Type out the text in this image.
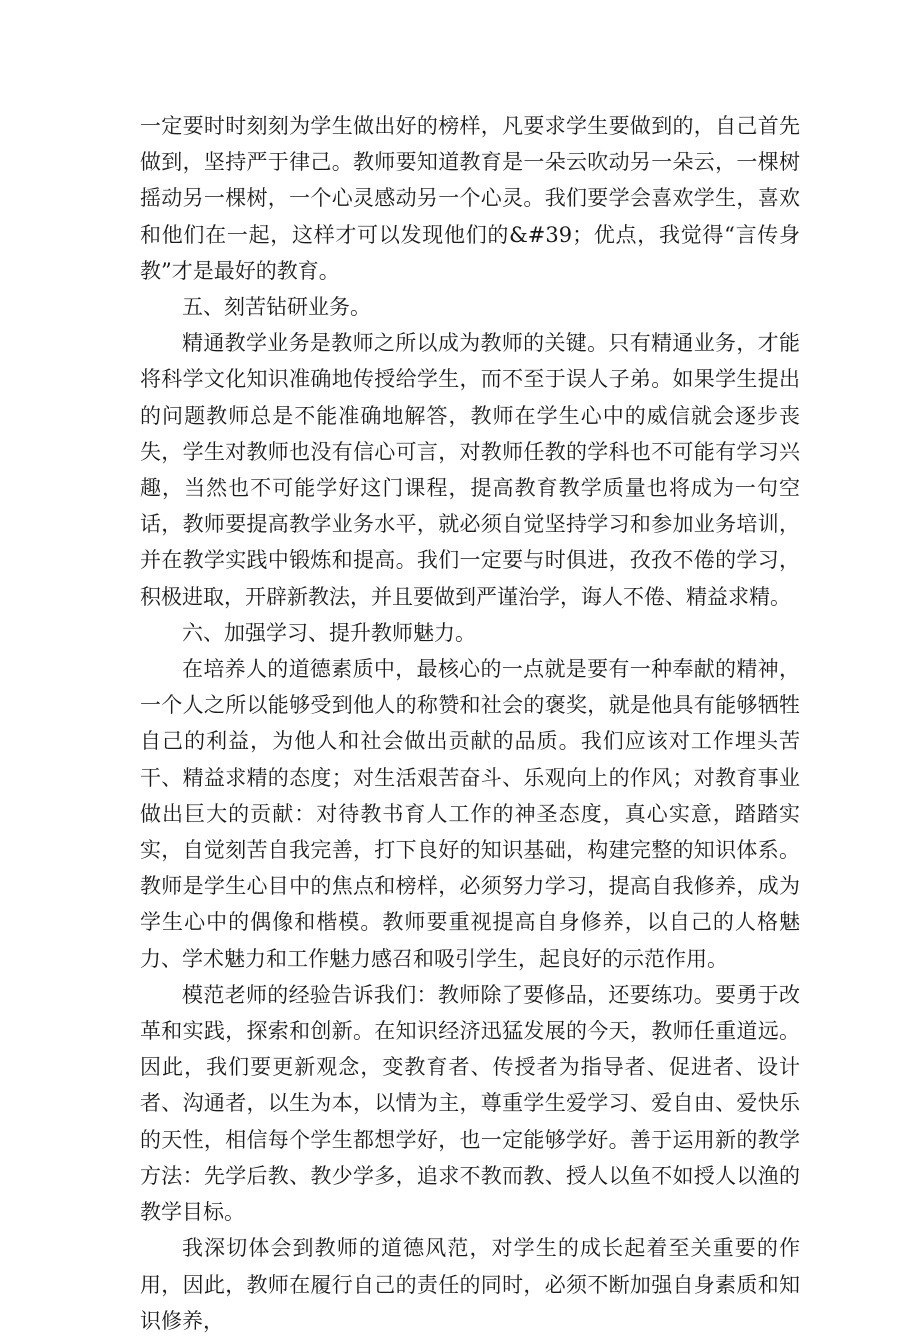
一定要时时刻刻为学生做出好的榜样，凡要求学生要做到的，自己首先做到，坚持严于律己。教师要知道教育是一朵云吹动另一朵云，一棵树摇动另一棵树，一个心灵感动另一个心灵。我们要学会喜欢学生，喜欢和他们在一起，这样才可以发现他们的&#39；优点，我觉得“言传身教”才是最好的教育。

五、刻苦钻研业务。

精通教学业务是教师之所以成为教师的关键。只有精通业务，才能将科学文化知识准确地传授给学生，而不至于误人子弟。如果学生提出的问题教师总是不能准确地解答，教师在学生心中的威信就会逐步丧失，学生对教师也没有信心可言，对教师任教的学科也不可能有学习兴趣，当然也不可能学好这门课程，提高教育教学质量也将成为一句空话，教师要提高教学业务水平，就必须自觉坚持学习和参加业务培训，并在教学实践中锻炼和提高。我们一定要与时俱进，孜孜不倦的学习，积极进取，开辟新教法，并且要做到严谨治学，诲人不倦、精益求精。

六、加强学习、提升教师魅力。

在培养人的道德素质中，最核心的一点就是要有一种奉献的精神，一个人之所以能够受到他人的称赞和社会的褒奖，就是他具有能够牺牲自己的利益，为他人和社会做出贡献的品质。我们应该对工作埋头苦干、精益求精的态度；对生活艰苦奋斗、乐观向上的作风；对教育事业做出巨大的贡献：对待教书育人工作的神圣态度，真心实意，踏踏实实，自觉刻苦自我完善，打下良好的知识基础，构建完整的知识体系。教师是学生心目中的焦点和榜样，必须努力学习，提高自我修养，成为学生心中的偶像和楷模。教师要重视提高自身修养，以自己的人格魅力、学术魅力和工作魅力感召和吸引学生，起良好的示范作用。

模范老师的经验告诉我们：教师除了要修品，还要练功。要勇于改革和实践，探索和创新。在知识经济迅猛发展的今天，教师任重道远。因此，我们要更新观念，变教育者、传授者为指导者、促进者、设计者、沟通者，以生为本，以情为主，尊重学生爱学习、爱自由、爱快乐的天性，相信每个学生都想学好，也一定能够学好。善于运用新的教学方法：先学后教、教少学多，追求不教而教、授人以鱼不如授人以渔的教学目标。

我深切体会到教师的道德风范，对学生的成长起着至关重要的作用，因此，教师在履行自己的责任的同时，必须不断加强自身素质和知识修养，
